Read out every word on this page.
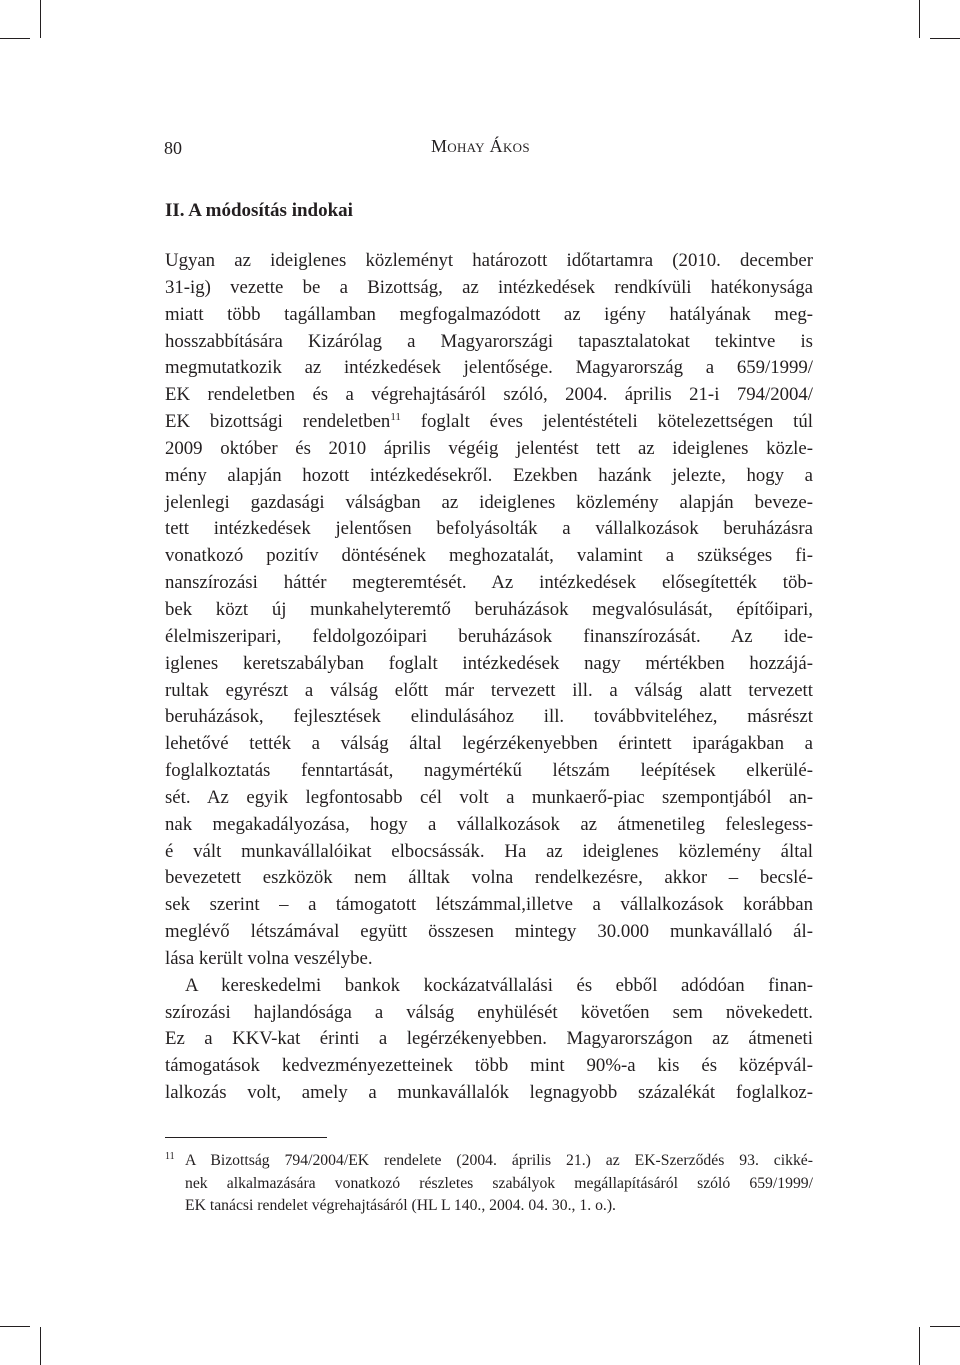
80	Mohay Ákos
II. A módosítás indokai
Ugyan az ideiglenes közleményt határozott időtartamra (2010. december
31-ig) vezette be a Bizottság, az intézkedések rendkívüli hatékonysága
miatt több tagállamban megfogalmazódott az igény hatályának meg-
hosszabbítására Kizárólag a Magyarországi tapasztalatokat tekintve is
megmutatkozik az intézkedések jelentősége. Magyarország a 659/1999/
EK rendeletben és a végrehajtásáról szóló, 2004. április 21-i 794/2004/
EK bizottsági rendeletben$^{11}$ foglalt éves jelentéstételi kötelezettségen túl
2009 október és 2010 április végéig jelentést tett az ideiglenes közle-
mény alapján hozott intézkedésekről. Ezekben hazánk jelezte, hogy a
jelenlegi gazdasági válságban az ideiglenes közlemény alapján beveze-
tett intézkedések jelentősen befolyásolták a vállalkozások beruházásra
vonatkozó pozitív döntésének meghozatalát, valamint a szükséges fi-
nanszírozási háttér megteremtését. Az intézkedések elősegítették töb-
bek közt új munkahelyteremtő beruházások megvalósulását, építőipari,
élelmiszeripari, feldolgozóipari beruházások finanszírozását. Az ide-
iglenes keretszabályban foglalt intézkedések nagy mértékben hozzájá-
rultak egyrészt a válság előtt már tervezett ill. a válság alatt tervezett
beruházások, fejlesztések elindulásához ill. továbbviteléhez, másrészt
lehetővé tették a válság által legérzékenyebben érintett iparágakban a
foglalkoztatás fenntartását, nagymértékű létszám leépítések elkerülé-
sét. Az egyik legfontosabb cél volt a munkaerő-piac szempontjából an-
nak megakadályozása, hogy a vállalkozások az átmenetileg feleslegess-
é vált munkavállalóikat elbocsássák. Ha az ideiglenes közlemény által
bevezetett eszközök nem álltak volna rendelkezésre, akkor – becslé-
sek szerint – a támogatott létszámmal,illetve a vállalkozások korábban
meglévő létszámával együtt összesen mintegy 30.000 munkavállaló ál-
lása került volna veszélybe.
A kereskedelmi bankok kockázatvállalási és ebből adódóan finan-
szírozási hajlandósága a válság enyhülését követően sem növekedett.
Ez a KKV-kat érinti a legérzékenyebben. Magyarországon az átmeneti
támogatások kedvezményezetteinek több mint 90%-a kis és középvál-
lalkozás volt, amely a munkavállalók legnagyobb százalékát foglalkoz-
11 A Bizottság 794/2004/EK rendelete (2004. április 21.) az EK-Szerződés 93. cikké-
nek alkalmazására vonatkozó részletes szabályok megállapításáról szóló 659/1999/
EK tanácsi rendelet végrehajtásáról (HL L 140., 2004. 04. 30., 1. o.).
